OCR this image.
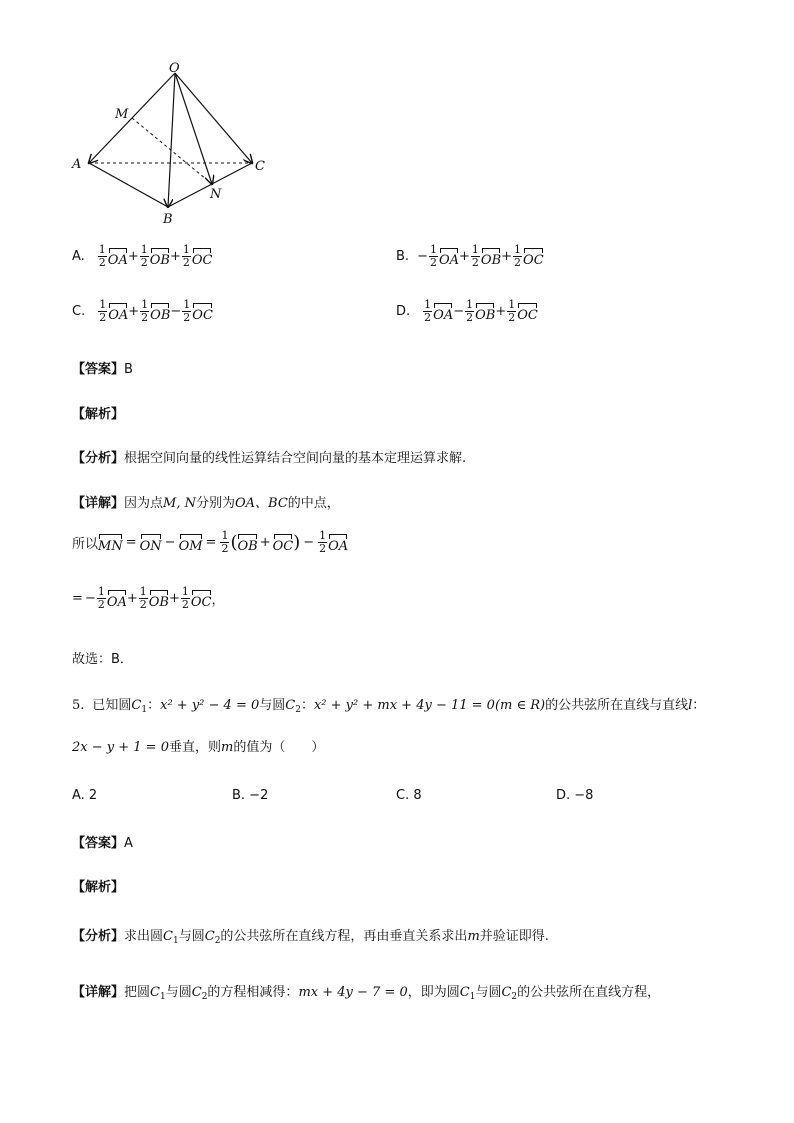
O
M
A	C
N
B
A. $\frac{1}{2}$ OA + $\frac{1}{2}$ OB + $\frac{1}{2}$ OC	B. − $\frac{1}{2}$ OA + $\frac{1}{2}$ OB + $\frac{1}{2}$ OC
C. $\frac{1}{2}$ OA + $\frac{1}{2}$ OB − $\frac{1}{2}$ OC	D. $\frac{1}{2}$ OA − $\frac{1}{2}$ OB + $\frac{1}{2}$ OC
【答案】B
【解析】
【分析】根据空间向量的线性运算结合空间向量的基本定理运算求解.
【详解】因为点M, N分别为OA、BC的中点，
所以 MN = ON − OM = $\frac{1}{2}$ ( OB + OC ) − $\frac{1}{2}$ OA
= − $\frac{1}{2}$ OA + $\frac{1}{2}$ OB + $\frac{1}{2}$ OC ，
故选：B．
5. 已知圆$C_1$：x² + y² − 4 = 0与圆$C_2$：x² + y² + mx + 4y − 11 = 0(m ∈ R)的公共弦所在直线与直线l：
2x − y + 1 = 0垂直，则m的值为（　　）
A. 2	B. −2	C. 8	D. −8
【答案】A
【解析】
【分析】求出圆$C_1$与圆$C_2$的公共弦所在直线方程，再由垂直关系求出m并验证即得.
【详解】把圆$C_1$与圆$C_2$的方程相减得：mx + 4y − 7 = 0，即为圆$C_1$与圆$C_2$的公共弦所在直线方程，
